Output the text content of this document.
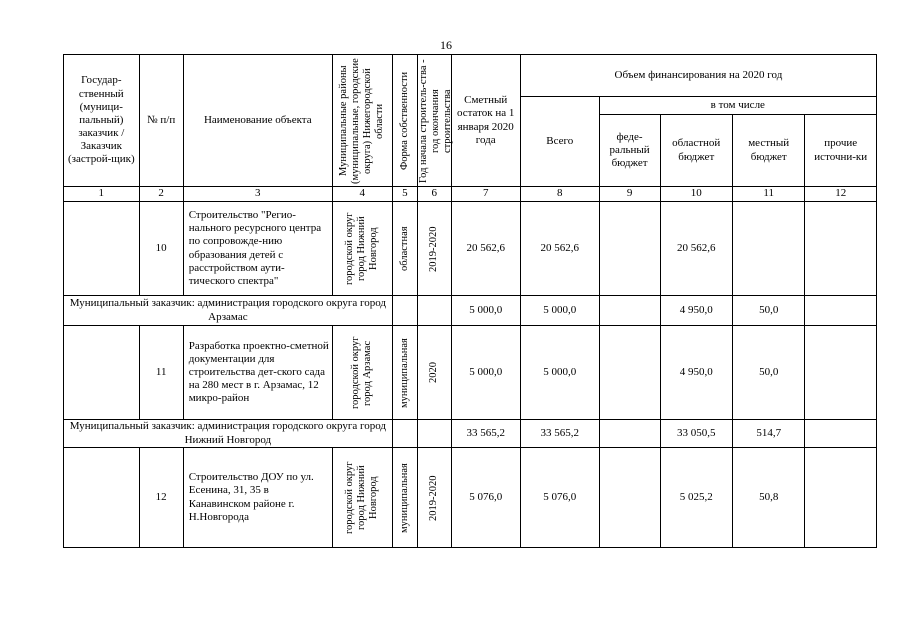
16
Государ-ственный (муници-пальный) заказчик / Заказчик (застрой-щик)	№ п/п	Наименование объекта	Муниципальные районы (муниципальные, городские округа) Нижегородской области	Форма собственности	Год начала строитель-ства - год окончания строительства	Сметный остаток на 1 января 2020 года	Объем финансирования на 2020 год				
							Всего	в том числе			
								феде-ральный бюджет	областной бюджет	местный бюджет	прочие источни-ки
1	2	3	4	5	6	7	8	9	10	11	12
	10	Строительство "Регио-нального ресурсного центра по сопровожде-нию образования детей с расстройством аути-тического спектра"	городской округ город Нижний Новгород	областная	2019-2020	20 562,6	20 562,6		20 562,6		
Муниципальный заказчик: администрация городского округа город Арзамас						5 000,0	5 000,0		4 950,0	50,0	
	11	Разработка проектно-сметной документации для строительства дет-ского сада на 280 мест в г. Арзамас, 12 микро-район	городской округ город Арзамас	муниципальная	2020	5 000,0	5 000,0		4 950,0	50,0	
Муниципальный заказчик: администрация городского округа город Нижний Новгород						33 565,2	33 565,2		33 050,5	514,7	
	12	Строительство ДОУ по ул. Есенина, 31, 35 в Канавинском районе г. Н.Новгорода	городской округ город Нижний Новгород	муниципальная	2019-2020	5 076,0	5 076,0		5 025,2	50,8	
